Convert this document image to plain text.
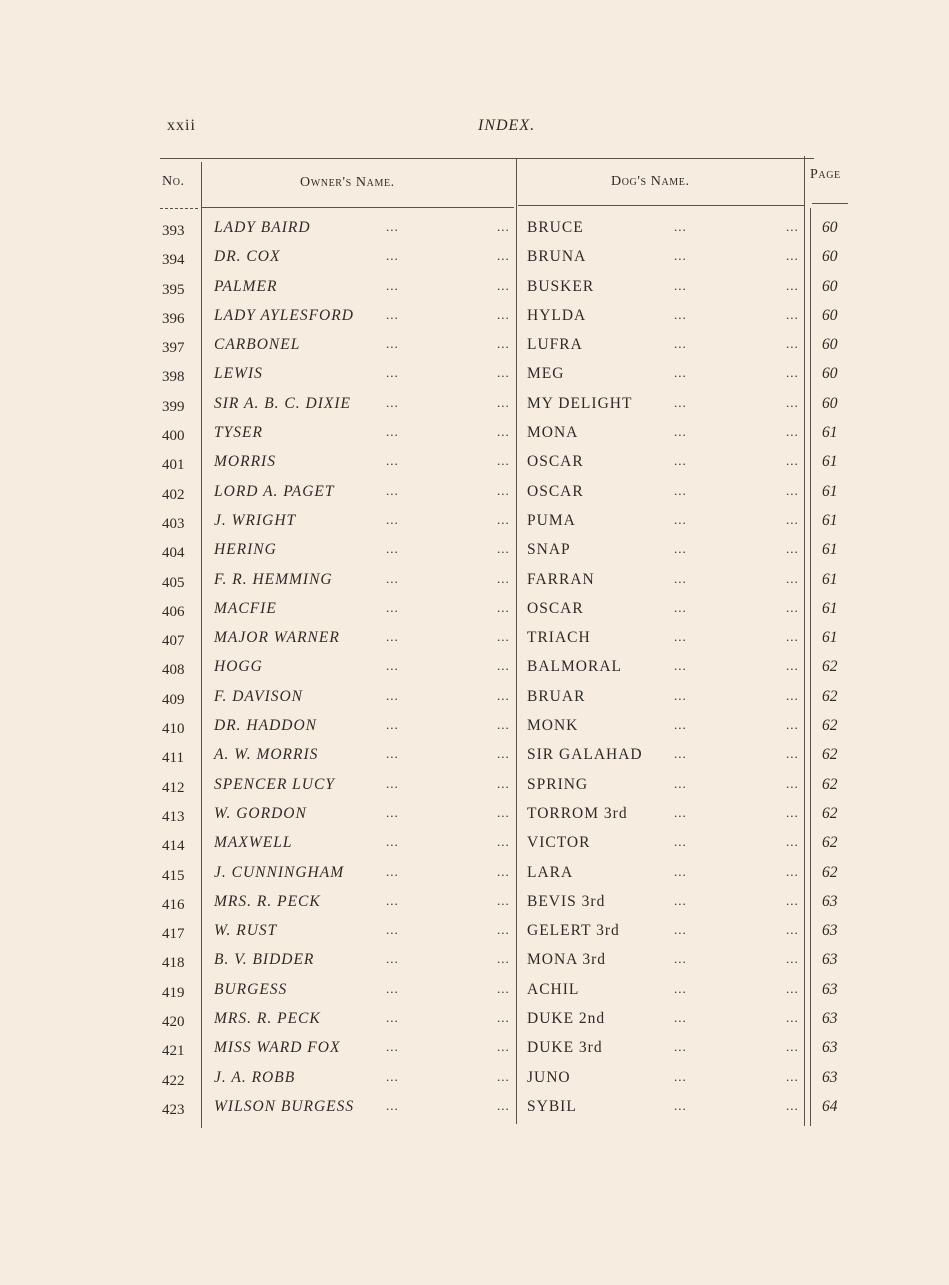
xxii	INDEX.
No.	Owner's Name.	Dog's Name.	Page
393 LADY BAIRD	...	... BRUCE	...	... 60
394 DR. COX	...	... BRUNA	...	... 60
395 PALMER	...	... BUSKER	...	... 60
396 LADY AYLESFORD ...	... HYLDA	...	... 60
397 CARBONEL	...	... LUFRA	...	... 60
398 LEWIS	...	... MEG	...	... 60
399 SIR A. B. C. DIXIE	...	... MY DELIGHT	...	... 60
400 TYSER	...	... MONA	...	... 61
401 MORRIS	...	... OSCAR	...	... 61
402 LORD A. PAGET	...	... OSCAR	...	... 61
403 J. WRIGHT	...	... PUMA	...	... 61
404 HERING	...	... SNAP	...	... 61
405 F. R. HEMMING	...	... FARRAN	...	... 61
406 MACFIE	...	... OSCAR	...	... 61
407 MAJOR WARNER	...	... TRIACH	...	... 61
408 HOGG	...	... BALMORAL	...	... 62
409 F. DAVISON	...	... BRUAR	...	... 62
410 DR. HADDON	...	... MONK	...	... 62
411 A. W. MORRIS	...	... SIR GALAHAD ...	... 62
412 SPENCER LUCY	...	... SPRING	...	... 62
413 W. GORDON	...	... TORROM 3rd	...	... 62
414 MAXWELL	...	... VICTOR	...	... 62
415 J. CUNNINGHAM	...	... LARA	...	... 62
416 MRS. R. PECK	...	... BEVIS 3rd	...	... 63
417 W. RUST	...	... GELERT 3rd	...	... 63
418 B. V. BIDDER	...	... MONA 3rd	...	... 63
419 BURGESS	...	... ACHIL	...	... 63
420 MRS. R. PECK	...	... DUKE 2nd	...	... 63
421 MISS WARD FOX	...	... DUKE 3rd	...	... 63
422 J. A. ROBB	...	... JUNO	...	... 63
423 WILSON BURGESS ...	... SYBIL	...	... 64
